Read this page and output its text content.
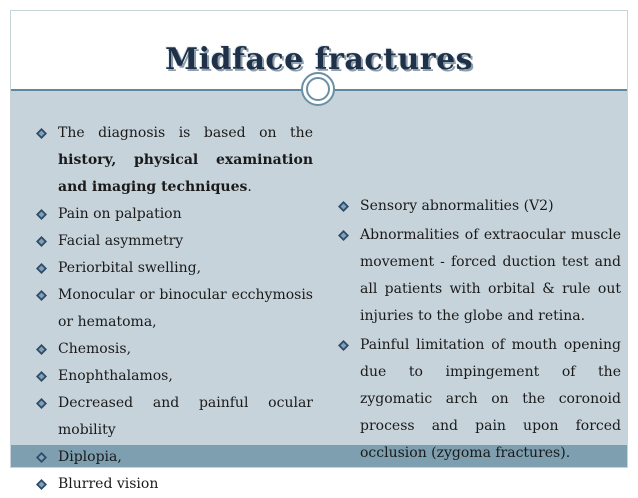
Midface fractures
The diagnosis is based on the history, physical examination and imaging techniques.
Pain on palpation
Facial asymmetry
Periorbital swelling,
Monocular or binocular ecchymosis or hematoma,
Chemosis,
Enophthalamos,
Decreased and painful ocular mobility
Diplopia,
Blurred vision
Sensory abnormalities (V2)
Abnormalities of extraocular muscle movement - forced duction test and all patients with orbital & rule out injuries to the globe and retina.
Painful limitation of mouth opening due to impingement of the zygomatic arch on the coronoid process and pain upon forced occlusion (zygoma fractures).
